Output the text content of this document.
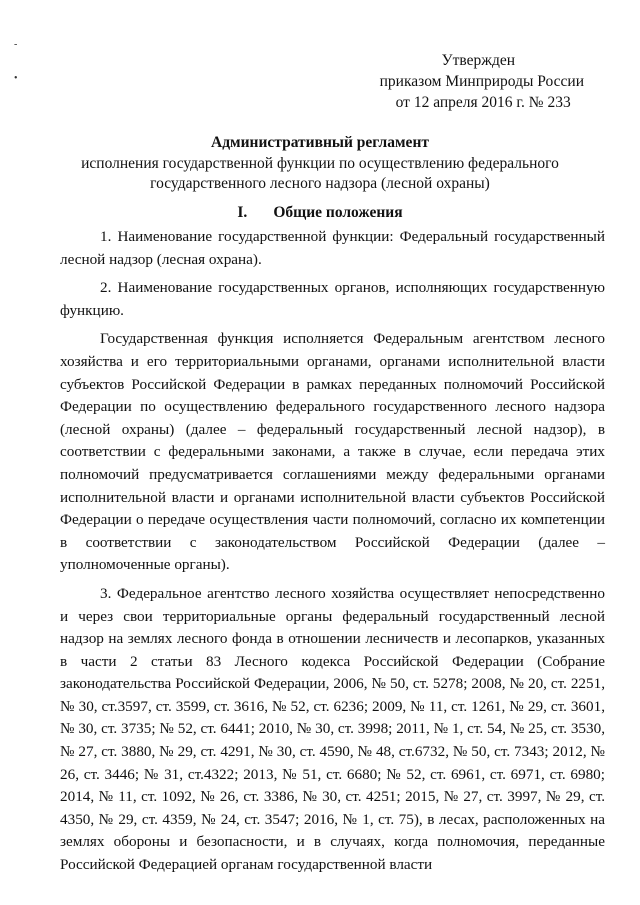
-
•
Утвержден
приказом Минприроды России
от 12 апреля 2016 г. № 233
Административный регламент
исполнения государственной функции по осуществлению федерального
государственного лесного надзора (лесной охраны)
I. Общие положения

1. Наименование государственной функции: Федеральный государственный лесной надзор (лесная охрана).

2. Наименование государственных органов, исполняющих государственную функцию.

Государственная функция исполняется Федеральным агентством лесного хозяйства и его территориальными органами, органами исполнительной власти субъектов Российской Федерации в рамках переданных полномочий Российской Федерации по осуществлению федерального государственного лесного надзора (лесной охраны) (далее – федеральный государственный лесной надзор), в соответствии с федеральными законами, а также в случае, если передача этих полномочий предусматривается соглашениями между федеральными органами исполнительной власти и органами исполнительной власти субъектов Российской Федерации о передаче осуществления части полномочий, согласно их компетенции в соответствии с законодательством Российской Федерации (далее – уполномоченные органы).

3. Федеральное агентство лесного хозяйства осуществляет непосредственно и через свои территориальные органы федеральный государственный лесной надзор на землях лесного фонда в отношении лесничеств и лесопарков, указанных в части 2 статьи 83 Лесного кодекса Российской Федерации (Собрание законодательства Российской Федерации, 2006, № 50, ст. 5278; 2008, № 20, ст. 2251, № 30, ст.3597, ст. 3599, ст. 3616, № 52, ст. 6236; 2009, № 11, ст. 1261, № 29, ст. 3601, № 30, ст. 3735; № 52, ст. 6441; 2010, № 30, ст. 3998; 2011, № 1, ст. 54, № 25, ст. 3530, № 27, ст. 3880, № 29, ст. 4291, № 30, ст. 4590, № 48, ст.6732, № 50, ст. 7343; 2012, № 26, ст. 3446; № 31, ст.4322; 2013, № 51, ст. 6680; № 52, ст. 6961, ст. 6971, ст. 6980; 2014, № 11, ст. 1092, № 26, ст. 3386, № 30, ст. 4251; 2015, № 27, ст. 3997, № 29, ст. 4350, № 29, ст. 4359, № 24, ст. 3547; 2016, № 1, ст. 75), в лесах, расположенных на землях обороны и безопасности, и в случаях, когда полномочия, переданные Российской Федерацией органам государственной власти
